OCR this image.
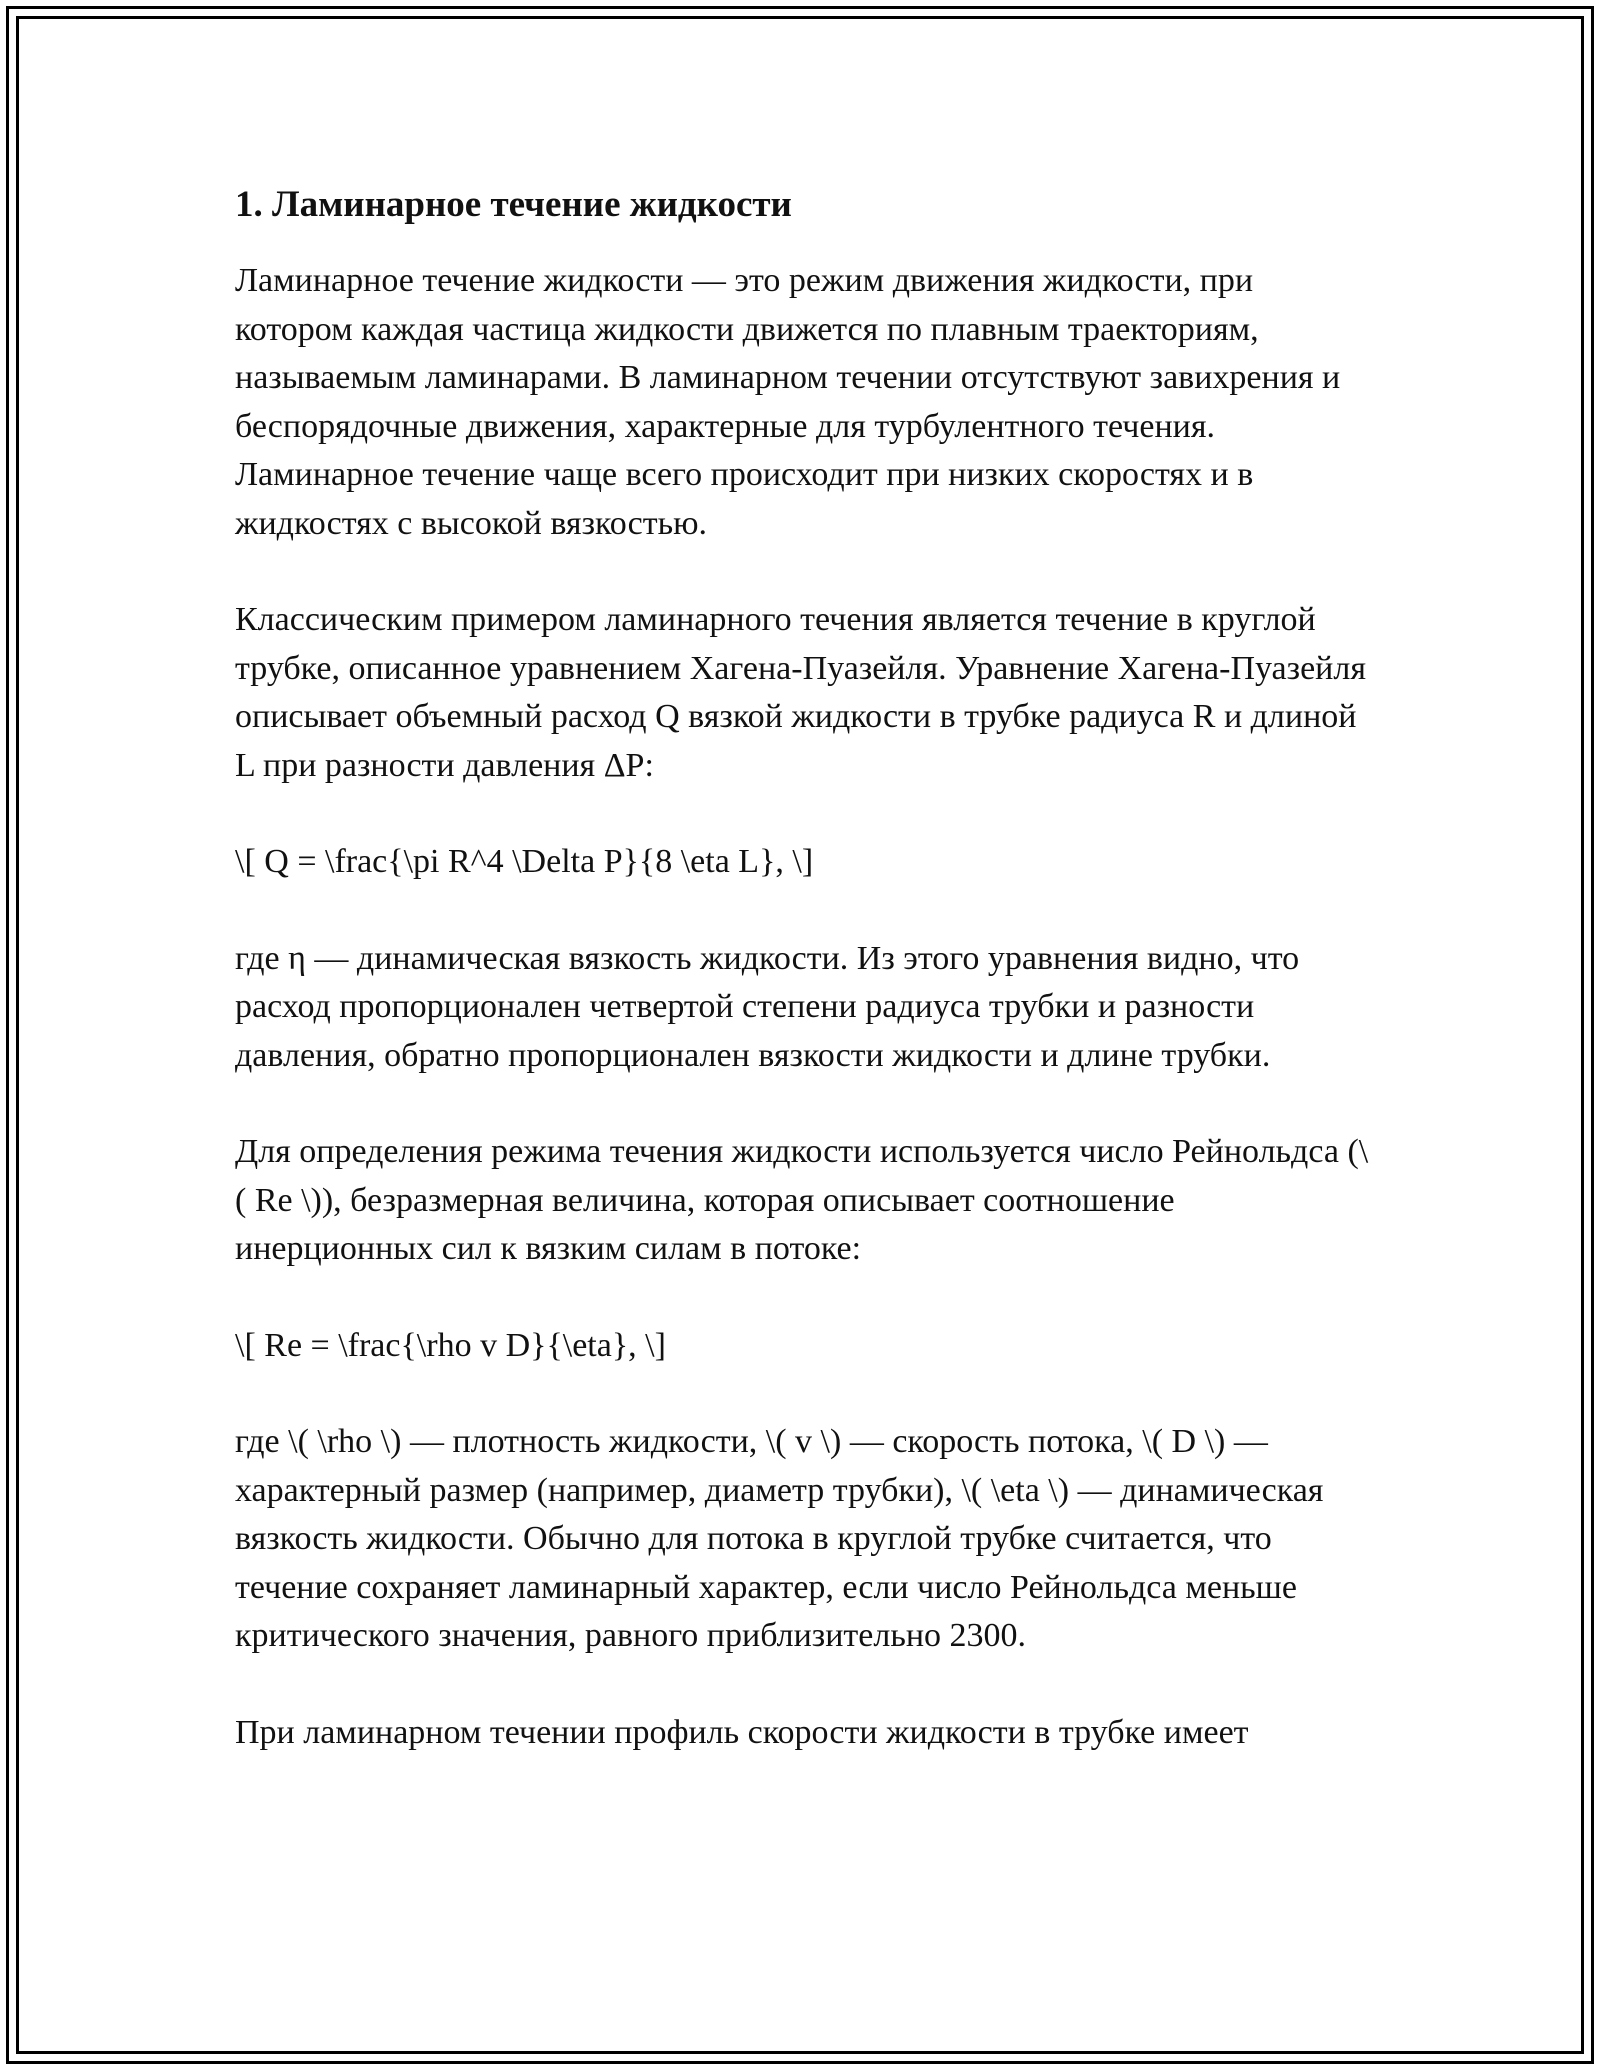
1. Ламинарное течение жидкости

Ламинарное течение жидкости — это режим движения жидкости, при котором каждая частица жидкости движется по плавным траекториям, называемым ламинарами. В ламинарном течении отсутствуют завихрения и беспорядочные движения, характерные для турбулентного течения. Ламинарное течение чаще всего происходит при низких скоростях и в жидкостях с высокой вязкостью.

Классическим примером ламинарного течения является течение в круглой трубке, описанное уравнением Хагена-Пуазейля. Уравнение Хагена-Пуазейля описывает объемный расход Q вязкой жидкости в трубке радиуса R и длиной L при разности давления ΔP:

\[ Q = \frac{\pi R^4 \Delta P}{8 \eta L}, \]

где η — динамическая вязкость жидкости. Из этого уравнения видно, что расход пропорционален четвертой степени радиуса трубки и разности давления, обратно пропорционален вязкости жидкости и длине трубки.

Для определения режима течения жидкости используется число Рейнольдса (\( Re \)), безразмерная величина, которая описывает соотношение инерционных сил к вязким силам в потоке:

\[ Re = \frac{\rho v D}{\eta}, \]

где \( \rho \) — плотность жидкости, \( v \) — скорость потока, \( D \) — характерный размер (например, диаметр трубки), \( \eta \) — динамическая вязкость жидкости. Обычно для потока в круглой трубке считается, что течение сохраняет ламинарный характер, если число Рейнольдса меньше критического значения, равного приблизительно 2300.

При ламинарном течении профиль скорости жидкости в трубке имеет
